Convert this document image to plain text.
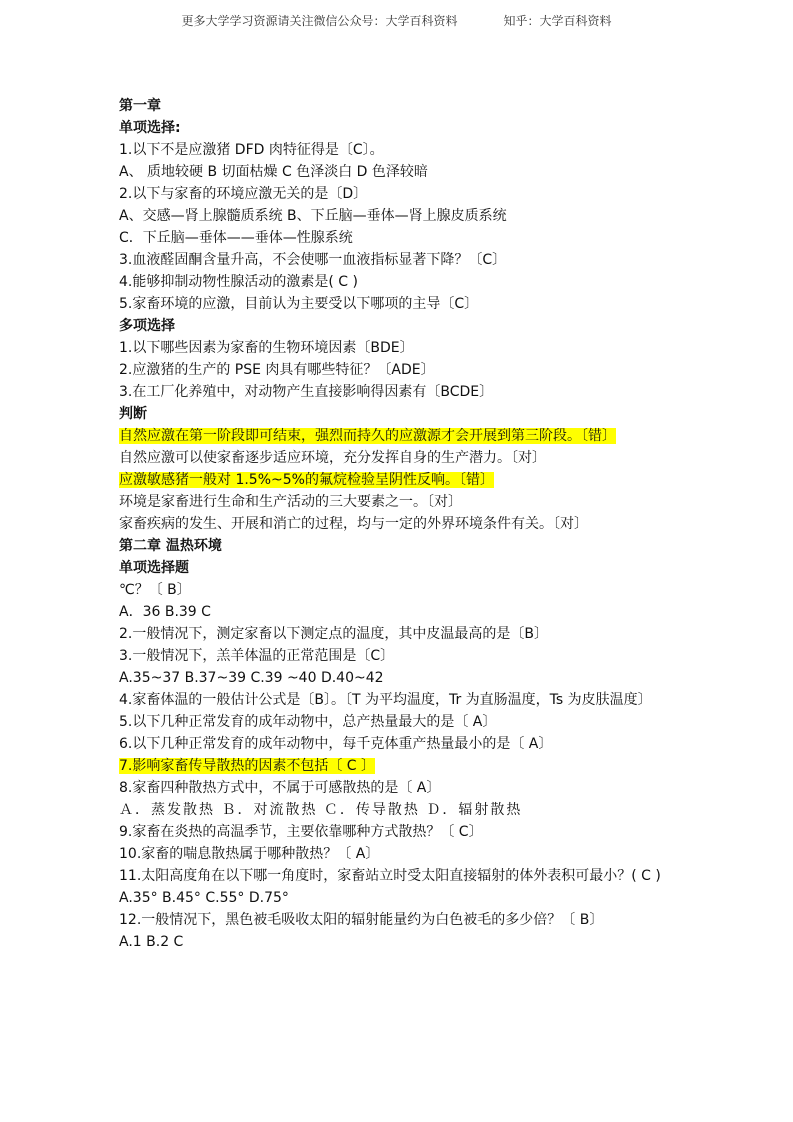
更多大学学习资源请关注微信公众号：大学百科资料	知乎：大学百科资料
第一章
单项选择:
1.以下不是应激猪 DFD 肉特征得是〔C〕。
A、 质地较硬 B 切面枯燥 C 色泽淡白 D 色泽较暗
2.以下与家畜的环境应激无关的是〔D〕
A、交感—肾上腺髓质系统 B、下丘脑—垂体—肾上腺皮质系统
C．下丘脑—垂体——垂体—性腺系统
3.血液醛固酮含量升高，不会使哪一血液指标显著下降？〔C〕
4.能够抑制动物性腺活动的激素是( C )
5.家畜环境的应激，目前认为主要受以下哪项的主导〔C〕
多项选择
1.以下哪些因素为家畜的生物环境因素〔BDE〕
2.应激猪的生产的 PSE 肉具有哪些特征？〔ADE〕
3.在工厂化养殖中，对动物产生直接影响得因素有〔BCDE〕
判断
自然应激在第一阶段即可结束，强烈而持久的应激源才会开展到第三阶段。〔错〕
自然应激可以使家畜逐步适应环境，充分发挥自身的生产潜力。〔对〕
应激敏感猪一般对 1.5%~5%的氟烷检验呈阴性反响。〔错〕
环境是家畜进行生命和生产活动的三大要素之一。〔对〕
家畜疾病的发生、开展和消亡的过程，均与一定的外界环境条件有关。〔对〕
第二章 温热环境
单项选择题
℃？〔 B〕
A．36 B.39 C
2.一般情况下，测定家畜以下测定点的温度，其中皮温最高的是〔B〕
3.一般情况下，羔羊体温的正常范围是〔C〕
A.35~37 B.37~39 C.39 ~40 D.40~42
4.家畜体温的一般估计公式是〔B〕。〔T 为平均温度，Tr 为直肠温度，Ts 为皮肤温度〕
5.以下几种正常发育的成年动物中，总产热量最大的是〔 A〕
6.以下几种正常发育的成年动物中，每千克体重产热量最小的是〔 A〕
7.影响家畜传导散热的因素不包括〔 C 〕
8.家畜四种散热方式中，不属于可感散热的是〔 A〕
Ａ．蒸发散热 Ｂ．对流散热 Ｃ．传导散热 Ｄ．辐射散热
9.家畜在炎热的高温季节，主要依靠哪种方式散热？〔 C〕
10.家畜的喘息散热属于哪种散热？〔 A〕
11.太阳高度角在以下哪一角度时，家畜站立时受太阳直接辐射的体外表积可最小？( C )
A.35° B.45° C.55° D.75°
12.一般情况下，黑色被毛吸收太阳的辐射能量约为白色被毛的多少倍？〔 B〕
A.1 B.2 C
